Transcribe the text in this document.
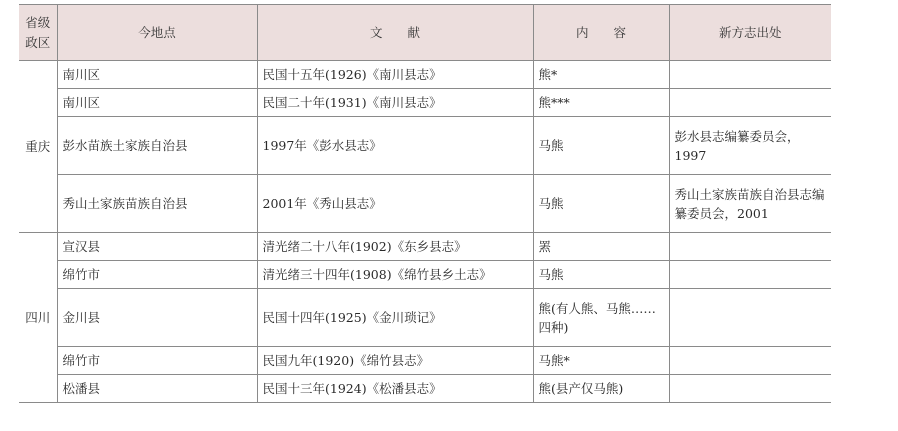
省级
政区	今地点	文　　献	内　　容	新方志出处
重庆	南川区	民国十五年(1926)《南川县志》	熊*	
	南川区	民国二十年(1931)《南川县志》	熊***	
	彭水苗族土家族自治县	1997年《彭水县志》	马熊	彭水县志编纂委员会，1997
	秀山土家族苗族自治县	2001年《秀山县志》	马熊	秀山土家族苗族自治县志编纂委员会，2001
四川	宣汉县	清光绪二十八年(1902)《东乡县志》	罴	
	绵竹市	清光绪三十四年(1908)《绵竹县乡土志》	马熊	
	金川县	民国十四年(1925)《金川琐记》	熊(有人熊、马熊……四种)	
	绵竹市	民国九年(1920)《绵竹县志》	马熊*	
	松潘县	民国十三年(1924)《松潘县志》	熊(县产仅马熊)	
